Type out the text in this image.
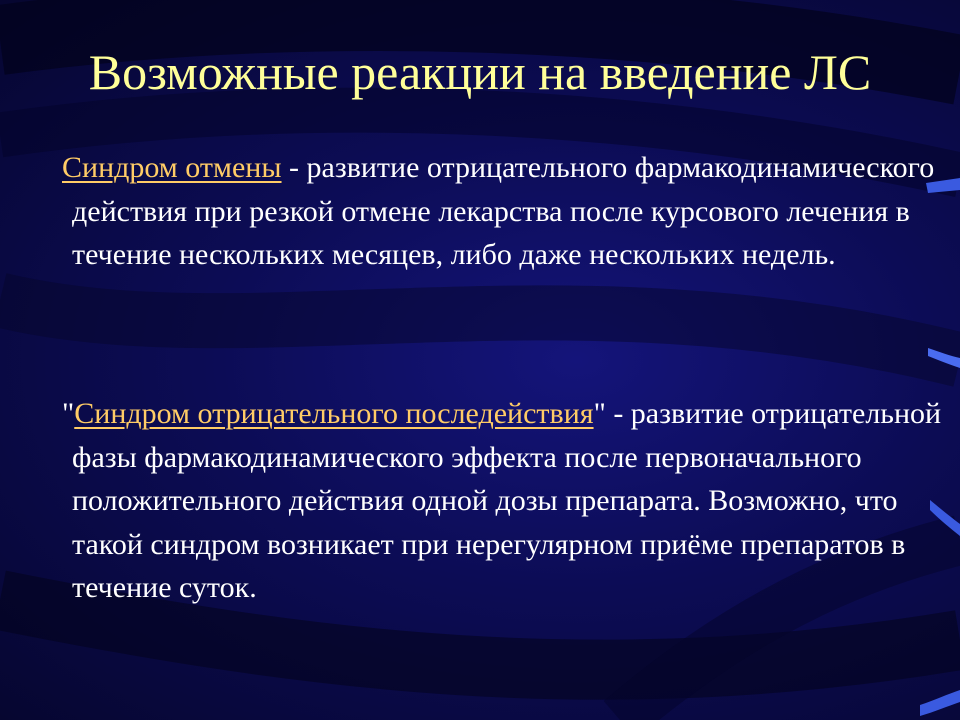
Возможные реакции на введение ЛС
Синдром отмены - развитие отрицательного фармакодинамического действия при резкой отмене лекарства после курсового лечения в течение нескольких месяцев, либо даже нескольких недель.
"Синдром отрицательного последействия" - развитие отрицательной фазы фармакодинамического эффекта после первоначального положительного действия одной дозы препарата. Возможно, что такой синдром возникает при нерегулярном приёме препаратов в течение суток.
